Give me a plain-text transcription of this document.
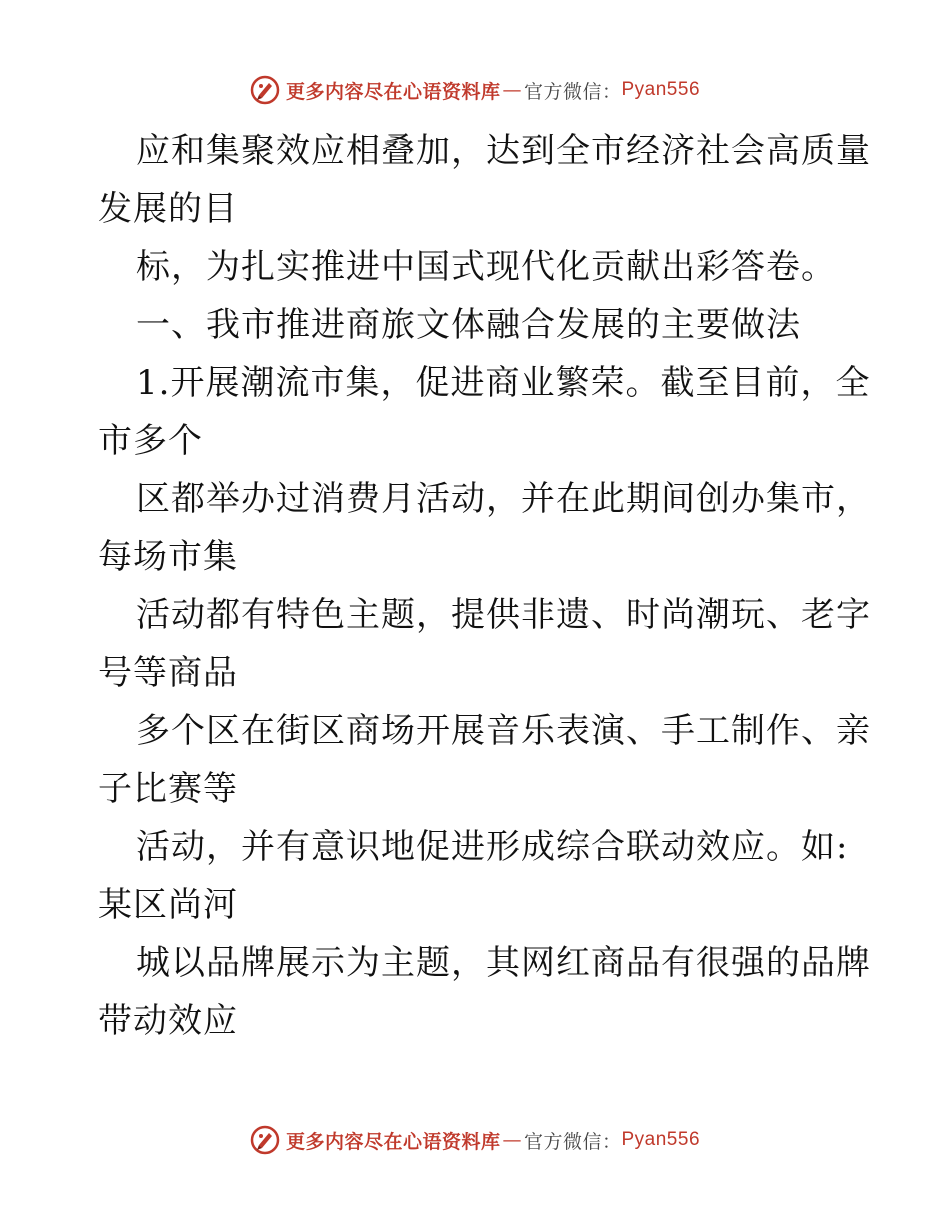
更多内容尽在心语资料库 — 官方微信： Pyan556

应和集聚效应相叠加，达到全市经济社会高质量

发展的目

标，为扎实推进中国式现代化贡献出彩答卷。

一、我市推进商旅文体融合发展的主要做法

1.开展潮流市集，促进商业繁荣。截至目前，全

市多个

区都举办过消费月活动，并在此期间创办集市，

每场市集

活动都有特色主题，提供非遗、时尚潮玩、老字

号等商品

多个区在街区商场开展音乐表演、手工制作、亲

子比赛等

活动，并有意识地促进形成综合联动效应。如:

某区尚河

城以品牌展示为主题，其网红商品有很强的品牌

带动效应

更多内容尽在心语资料库 — 官方微信： Pyan556
